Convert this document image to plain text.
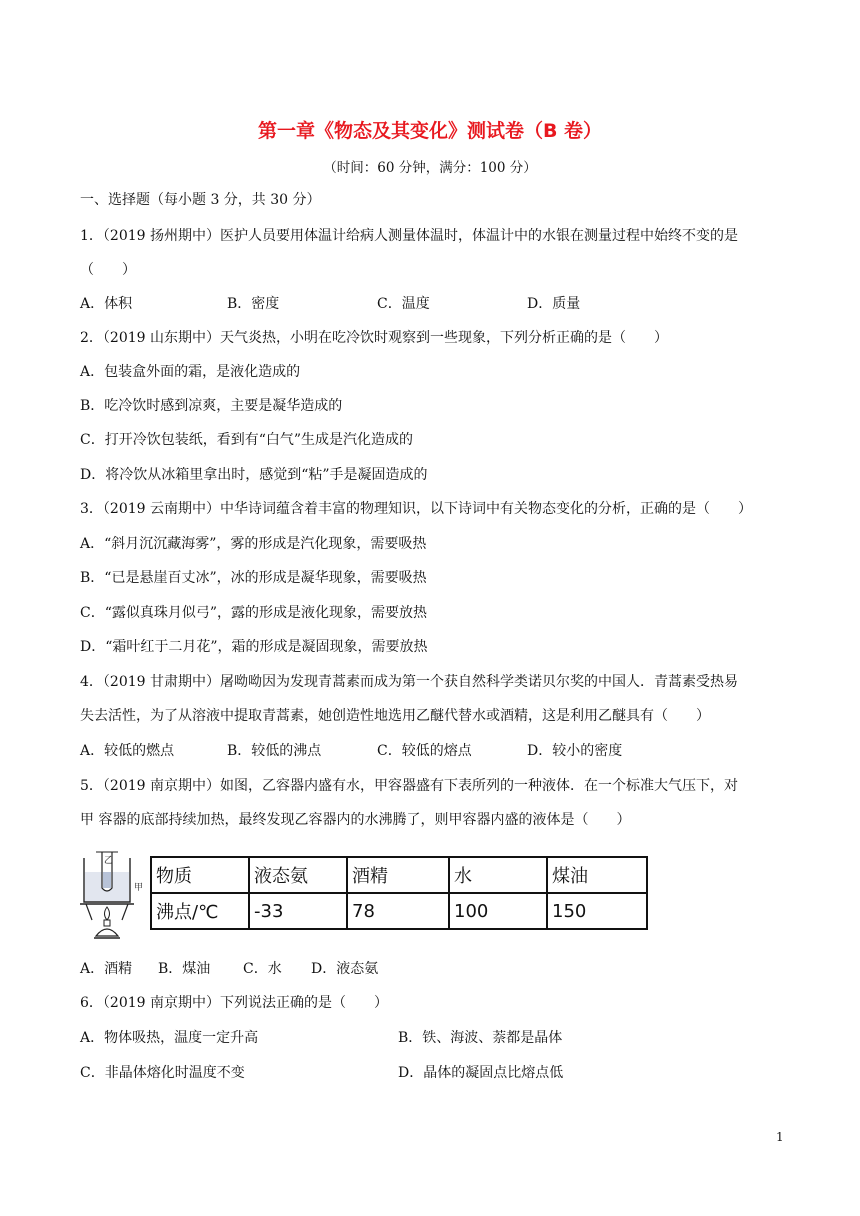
第一章《物态及其变化》测试卷（B 卷）
（时间：60 分钟，满分：100 分）
一、选择题（每小题 3 分，共 30 分）
1．（2019 扬州期中）医护人员要用体温计给病人测量体温时，体温计中的水银在测量过程中始终不变的是
（　　）
A．体积	B．密度	C．温度	D．质量
2．（2019 山东期中）天气炎热，小明在吃冷饮时观察到一些现象，下列分析正确的是（　　）
A．包装盒外面的霜，是液化造成的
B．吃冷饮时感到凉爽，主要是凝华造成的
C．打开冷饮包装纸，看到有“白气”生成是汽化造成的
D．将冷饮从冰箱里拿出时，感觉到“粘”手是凝固造成的
3．（2019 云南期中）中华诗词蕴含着丰富的物理知识，以下诗词中有关物态变化的分析，正确的是（　　）
A．“斜月沉沉藏海雾”，雾的形成是汽化现象，需要吸热
B．“已是悬崖百丈冰”，冰的形成是凝华现象，需要吸热
C．“露似真珠月似弓”，露的形成是液化现象，需要放热
D．“霜叶红于二月花”，霜的形成是凝固现象，需要放热
4．（2019 甘肃期中）屠呦呦因为发现青蒿素而成为第一个获自然科学类诺贝尔奖的中国人．青蒿素受热易
失去活性，为了从溶液中提取青蒿素，她创造性地选用乙醚代替水或酒精，这是利用乙醚具有（　　）
A．较低的燃点	B．较低的沸点	C．较低的熔点	D．较小的密度
5．（2019 南京期中）如图，乙容器内盛有水，甲容器盛有下表所列的一种液体．在一个标准大气压下，对
甲 容器的底部持续加热，最终发现乙容器内的水沸腾了，则甲容器内盛的液体是（　　）
乙
甲
物质	液态氨	酒精	水	煤油
沸点/℃	-33	78	100	150
A．酒精 B．煤油 C．水 D．液态氨
6．（2019 南京期中）下列说法正确的是（　　）
A．物体吸热，温度一定升高	B．铁、海波、萘都是晶体
C．非晶体熔化时温度不变	D．晶体的凝固点比熔点低
1
